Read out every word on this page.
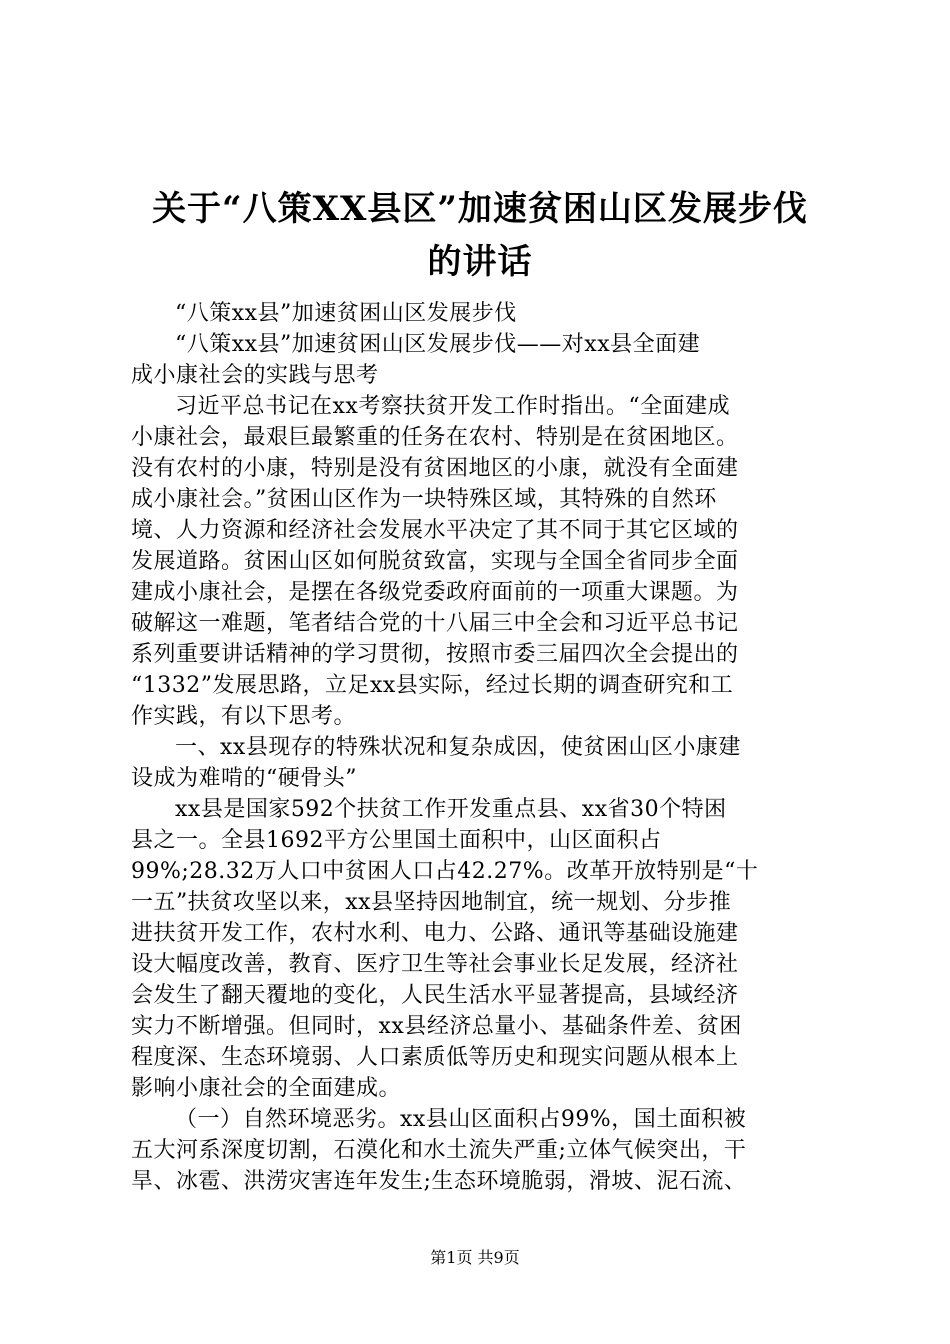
关于“八策XX县区”加速贫困山区发展步伐
的讲话
“八策xx县”加速贫困山区发展步伐
“八策xx县”加速贫困山区发展步伐——对xx县全面建
成小康社会的实践与思考
习近平总书记在xx考察扶贫开发工作时指出。“全面建成
小康社会，最艰巨最繁重的任务在农村、特别是在贫困地区。
没有农村的小康，特别是没有贫困地区的小康，就没有全面建
成小康社会。”贫困山区作为一块特殊区域，其特殊的自然环
境、人力资源和经济社会发展水平决定了其不同于其它区域的
发展道路。贫困山区如何脱贫致富，实现与全国全省同步全面
建成小康社会，是摆在各级党委政府面前的一项重大课题。为
破解这一难题，笔者结合党的十八届三中全会和习近平总书记
系列重要讲话精神的学习贯彻，按照市委三届四次全会提出的
“1332”发展思路，立足xx县实际，经过长期的调查研究和工
作实践，有以下思考。
一、xx县现存的特殊状况和复杂成因，使贫困山区小康建
设成为难啃的“硬骨头”
xx县是国家592个扶贫工作开发重点县、xx省30个特困
县之一。全县1692平方公里国土面积中，山区面积占
99%;28.32万人口中贫困人口占42.27%。改革开放特别是“十
一五”扶贫攻坚以来，xx县坚持因地制宜，统一规划、分步推
进扶贫开发工作，农村水利、电力、公路、通讯等基础设施建
设大幅度改善，教育、医疗卫生等社会事业长足发展，经济社
会发生了翻天覆地的变化，人民生活水平显著提高，县域经济
实力不断增强。但同时，xx县经济总量小、基础条件差、贫困
程度深、生态环境弱、人口素质低等历史和现实问题从根本上
影响小康社会的全面建成。
（一）自然环境恶劣。xx县山区面积占99%，国土面积被
五大河系深度切割，石漠化和水土流失严重;立体气候突出，干
旱、冰雹、洪涝灾害连年发生;生态环境脆弱，滑坡、泥石流、
第1页 共9页
